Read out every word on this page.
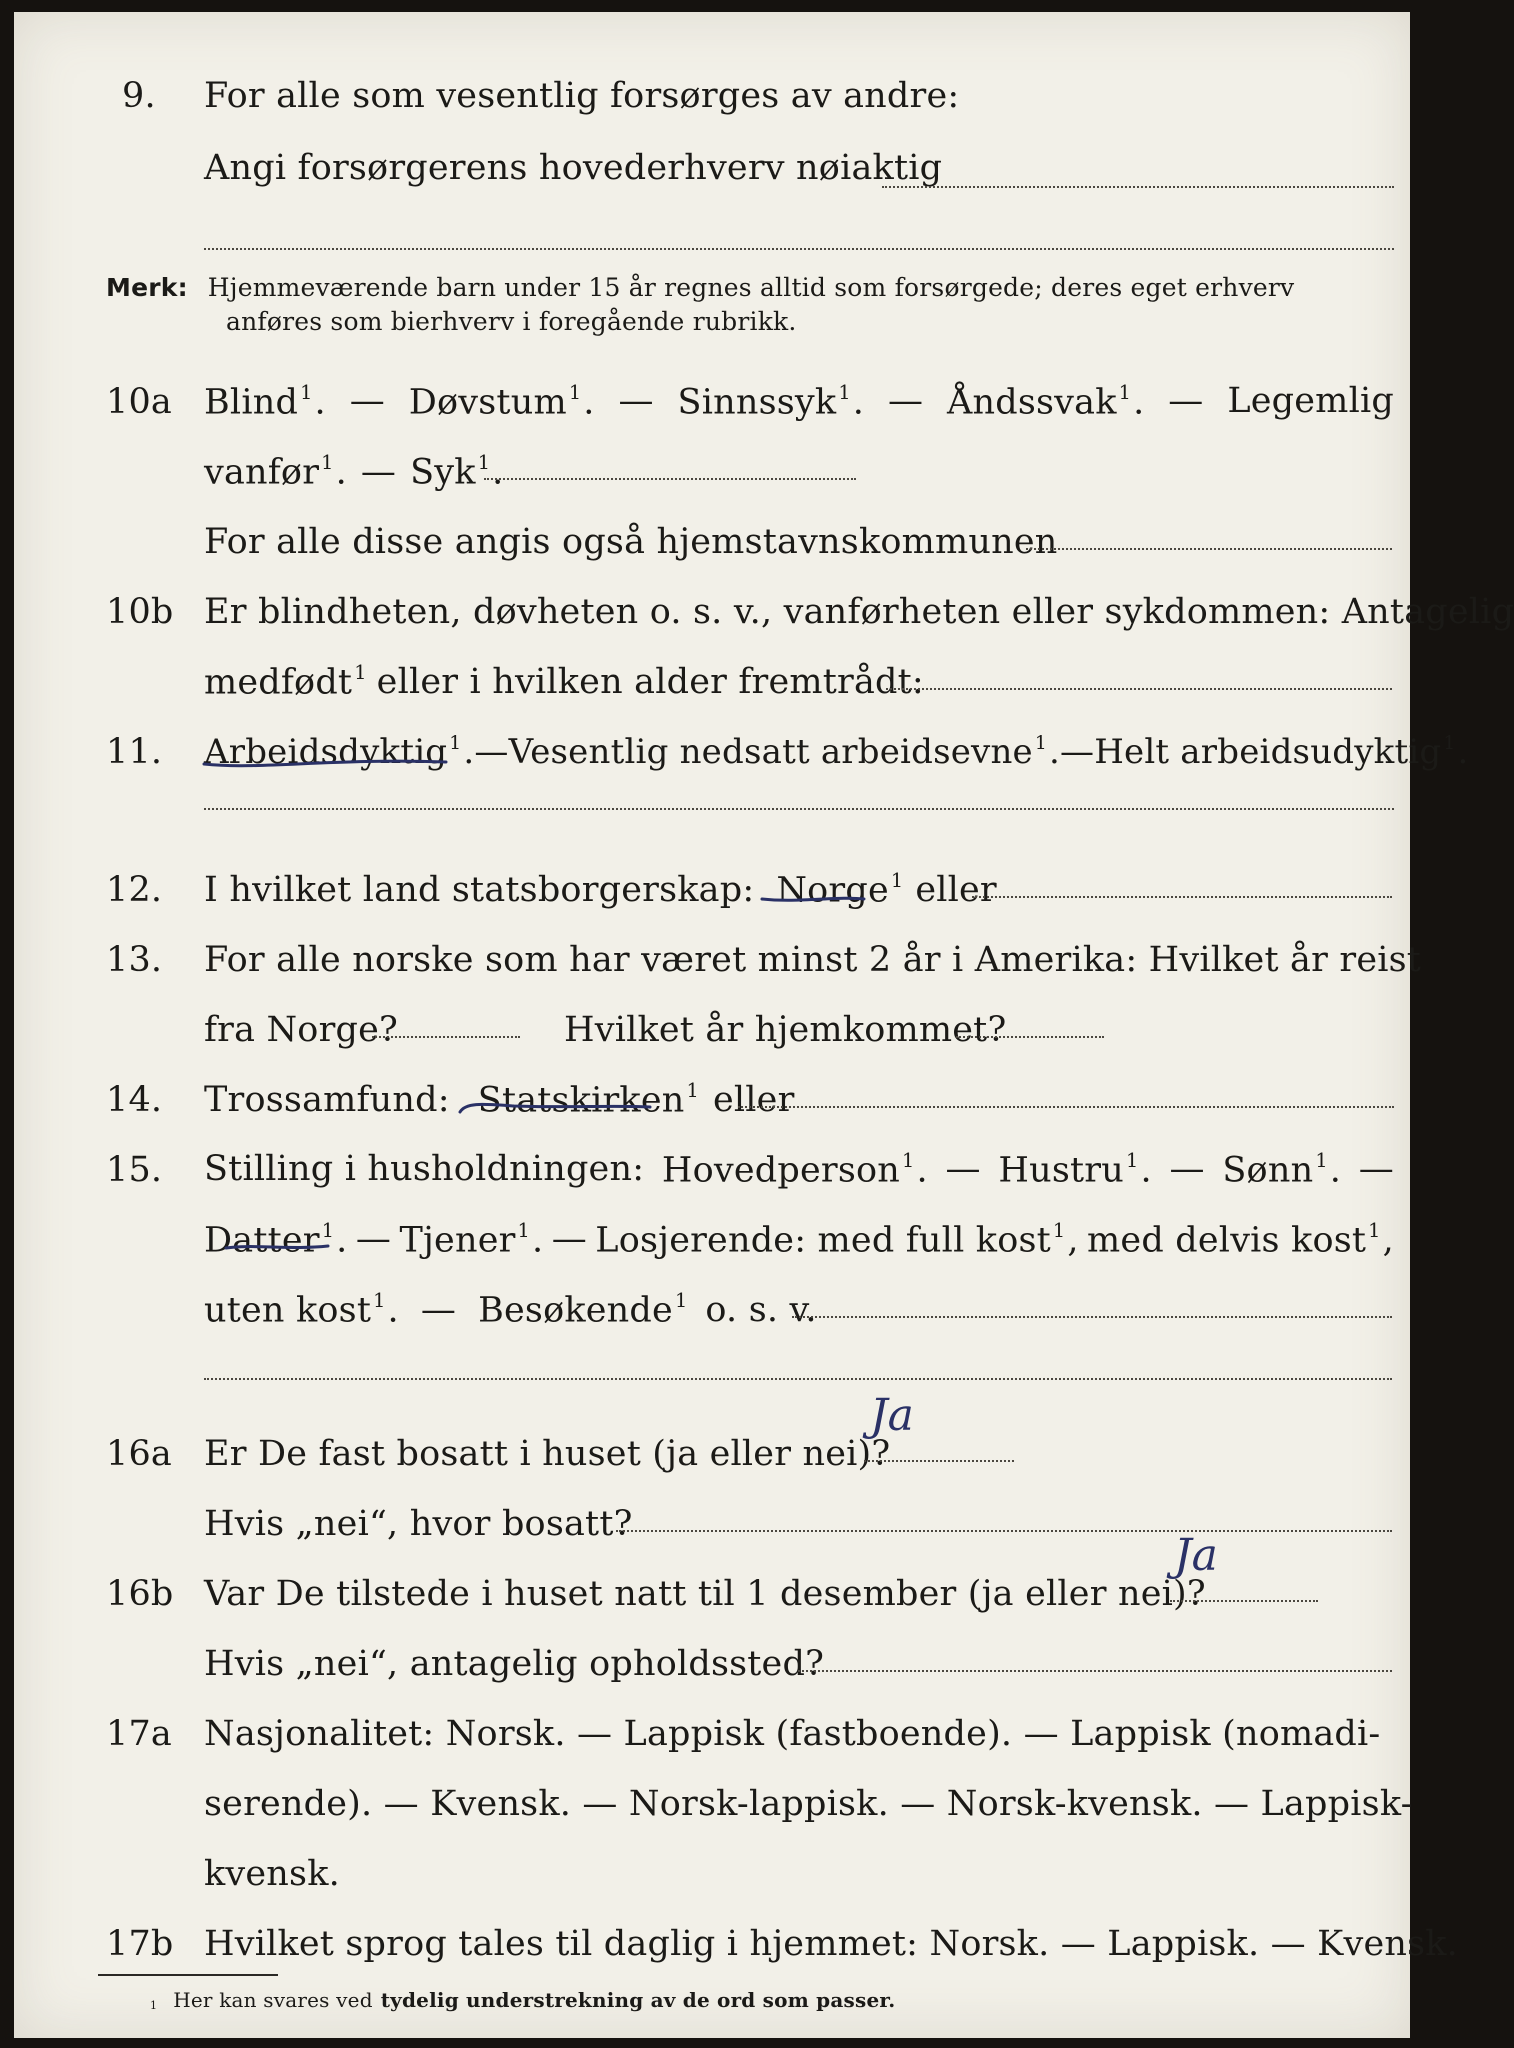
9. For alle som vesentlig forsørges av andre:
Angi forsørgerens hovederhverv nøiaktig
Merk: Hjemmeværende barn under 15 år regnes alltid som forsørgede; deres eget erhverv
anføres som bierhverv i foregående rubrikk.
10a Blind $^1$. — Døvstum $^1$. — Sinnssyk $^1$. — Åndssvak $^1$. — Legemlig
vanfør $^1$. — Syk $^1$.
For alle disse angis også hjemstavnskommunen
10b Er blindheten, døvheten o. s. v., vanførheten eller sykdommen: Antagelig
medfødt $^1$ eller i hvilken alder fremtrådt:
11. Arbeidsdyktig $^1$. — Vesentlig nedsatt arbeidsevne $^1$. — Helt arbeidsudyktig $^1$.
12. I hvilket land statsborgerskap: Norge $^1$ eller
13. For alle norske som har været minst 2 år i Amerika: Hvilket år reist
fra Norge?	Hvilket år hjemkommet?
14. Trossamfund: Statskirken $^1$ eller
15. Stilling i husholdningen: Hovedperson $^1$. — Hustru $^1$. — Sønn $^1$. —
Datter $^1$. — Tjener $^1$. — Losjerende: med full kost $^1$, med delvis kost $^1$,
uten kost $^1$. — Besøkende $^1$ o. s. v.
16a Er De fast bosatt i huset (ja eller nei)?
Ja
Hvis „nei“, hvor bosatt?
16b Var De tilstede i huset natt til 1 desember (ja eller nei)?
Ja
Hvis „nei“, antagelig opholdssted?
17a Nasjonalitet: Norsk. — Lappisk (fastboende). — Lappisk (nomadi-
serende). — Kvensk. — Norsk-lappisk. — Norsk-kvensk. — Lappisk-
kvensk.
17b Hvilket sprog tales til daglig i hjemmet: Norsk. — Lappisk. — Kvensk.
1 Her kan svares ved tydelig understrekning av de ord som passer.
